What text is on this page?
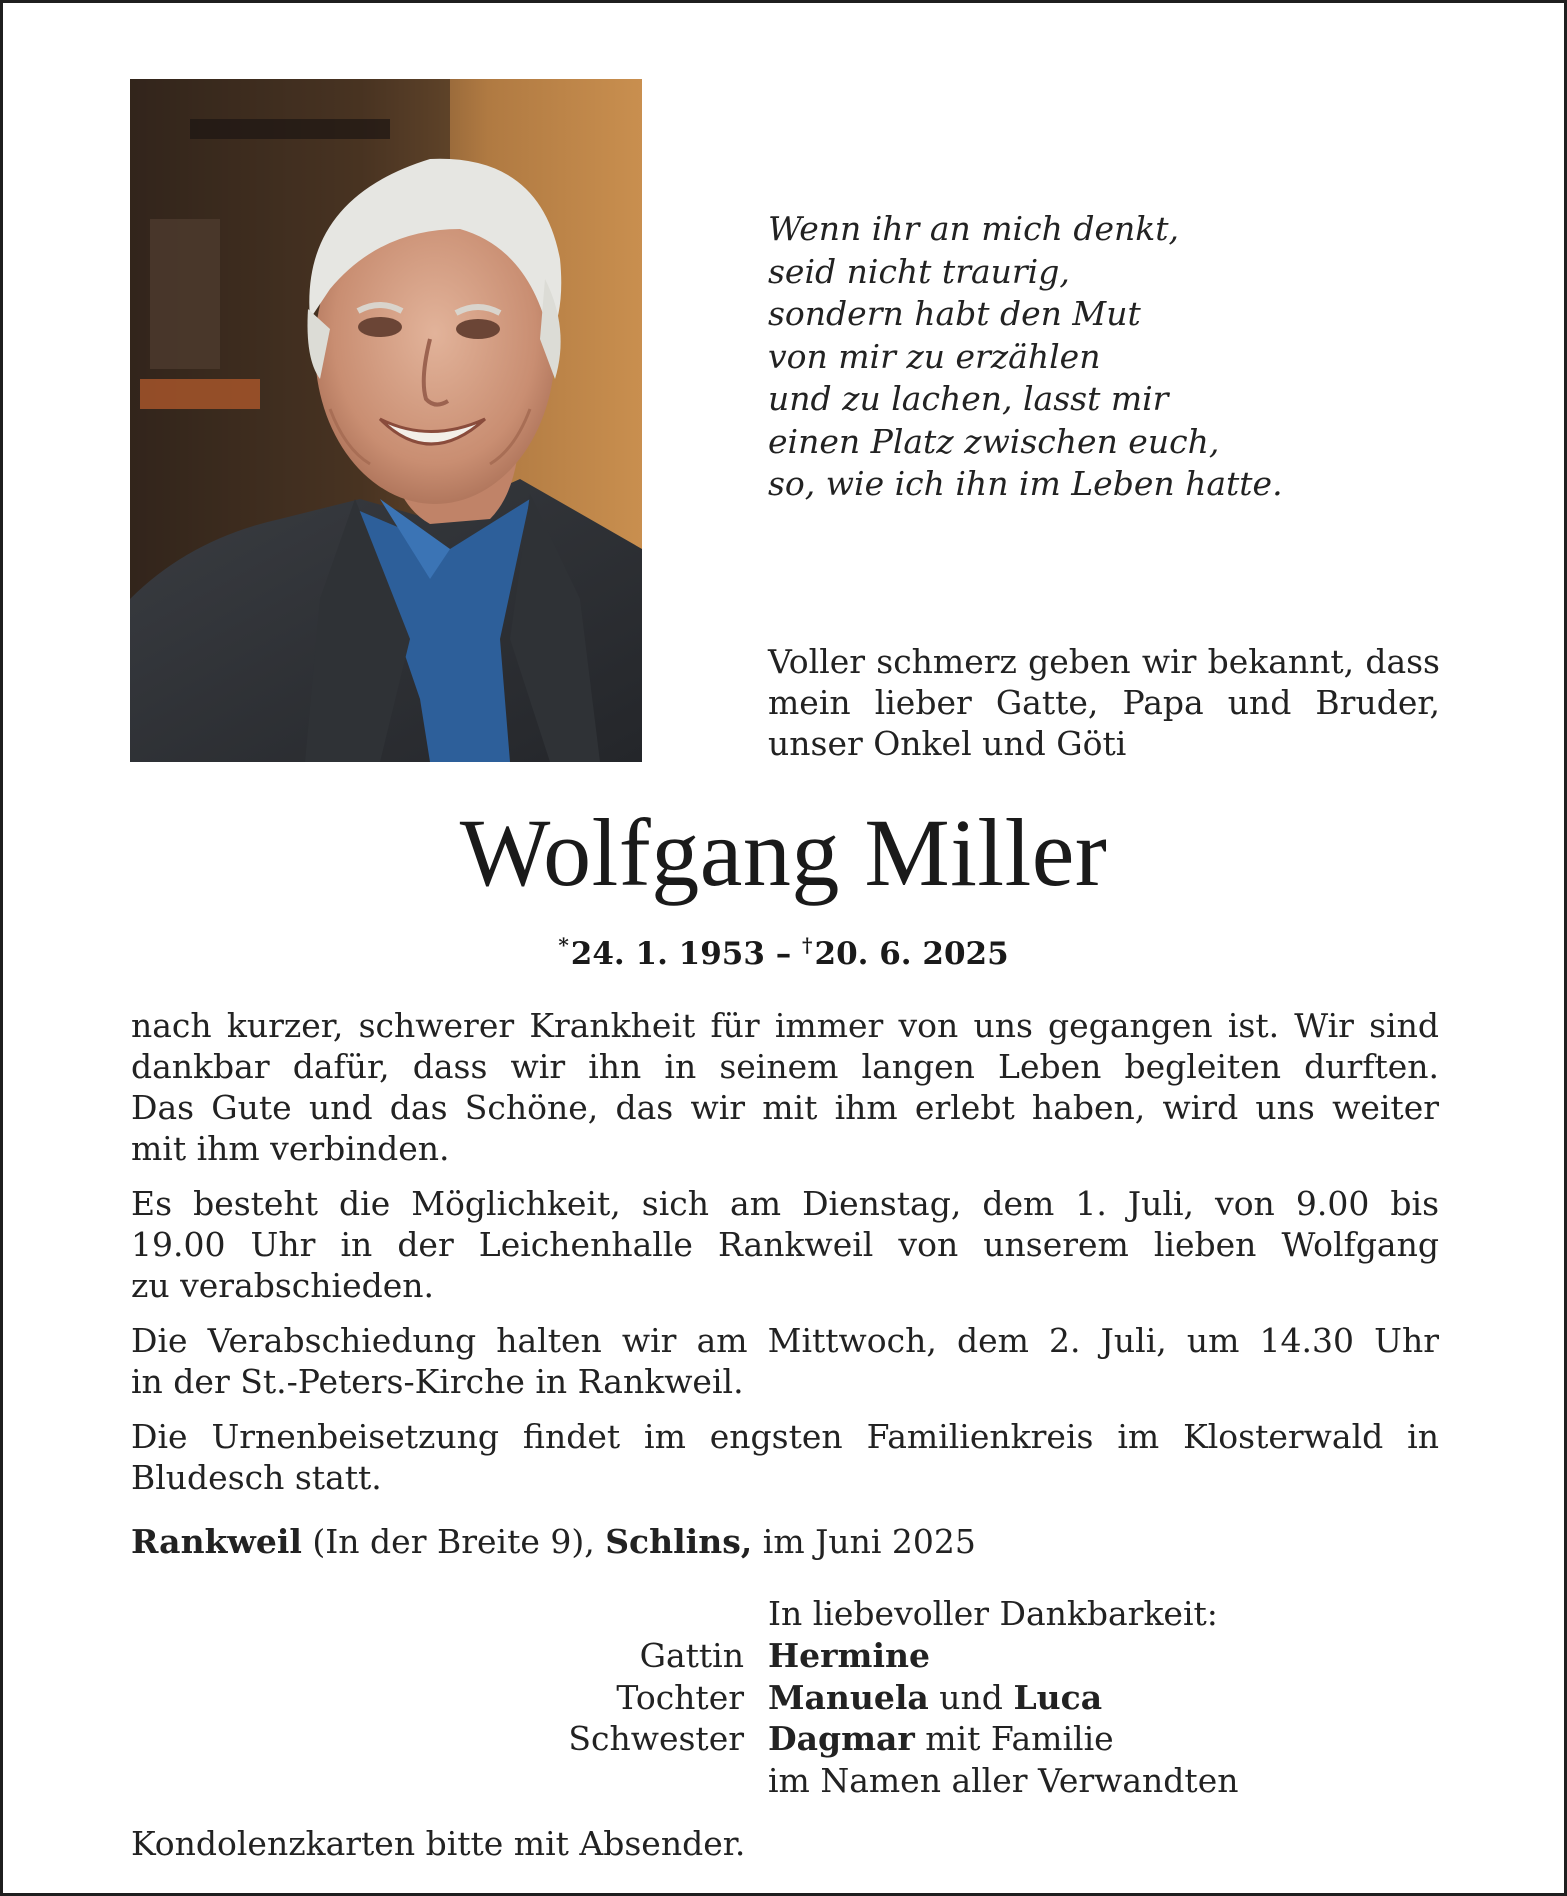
Wenn ihr an mich denkt,
seid nicht traurig,
sondern habt den Mut
von mir zu erzählen
und zu lachen, lasst mir
einen Platz zwischen euch,
so, wie ich ihn im Leben hatte.
Voller schmerz geben wir bekannt, dass
mein lieber Gatte, Papa und Bruder,
unser Onkel und Göti
Wolfgang Miller
*24. 1. 1953 – †20. 6. 2025
nach kurzer, schwerer Krankheit für immer von uns gegangen ist. Wir sind
dankbar dafür, dass wir ihn in seinem langen Leben begleiten durften.
Das Gute und das Schöne, das wir mit ihm erlebt haben, wird uns weiter
mit ihm verbinden.
Es besteht die Möglichkeit, sich am Dienstag, dem 1. Juli, von 9.00 bis
19.00 Uhr in der Leichenhalle Rankweil von unserem lieben Wolfgang
zu verabschieden.
Die Verabschiedung halten wir am Mittwoch, dem 2. Juli, um 14.30 Uhr
in der St.-Peters-Kirche in Rankweil.
Die Urnenbeisetzung findet im engsten Familienkreis im Klosterwald in
Bludesch statt.
Rankweil (In der Breite 9), Schlins, im Juni 2025
In liebevoller Dankbarkeit:
Gattin Hermine
Tochter Manuela und Luca
Schwester Dagmar mit Familie
im Namen aller Verwandten
Kondolenzkarten bitte mit Absender.
